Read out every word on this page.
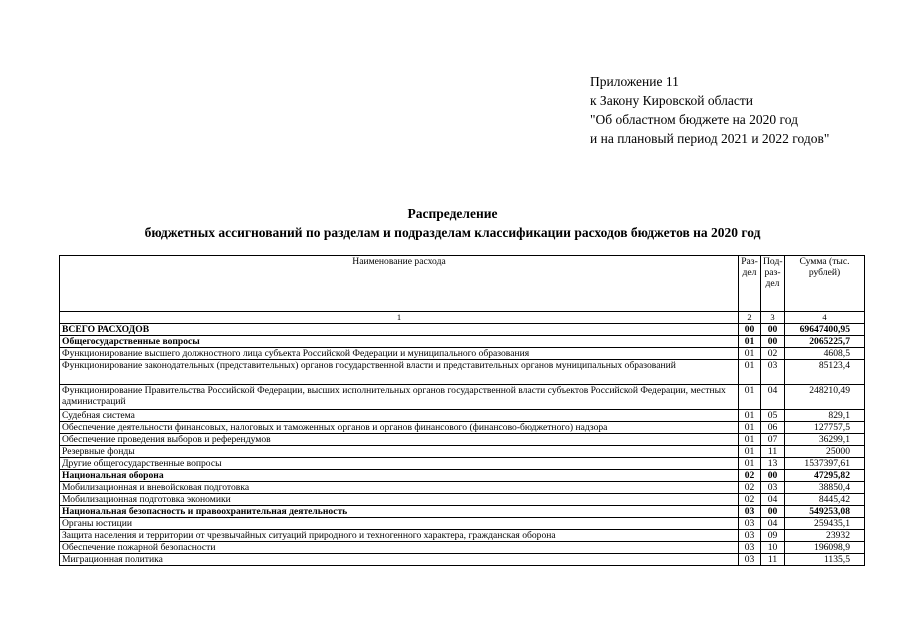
Приложение 11
к Закону Кировской области
"Об областном бюджете на 2020 год
и на плановый период 2021 и 2022 годов"
Распределение
бюджетных ассигнований по разделам и подразделам классификации расходов бюджетов на 2020 год
Наименование расхода	Раз-дел	Под-раз-дел	Сумма (тыс. рублей)
1	2	3	4
ВСЕГО РАСХОДОВ	00	00	69647400,95
Общегосударственные вопросы	01	00	2065225,7
Функционирование высшего должностного лица субъекта Российской Федерации и муниципального образования	01	02	4608,5
Функционирование законодательных (представительных) органов государственной власти и представительных органов муниципальных образований	01	03	85123,4
Функционирование Правительства Российской Федерации, высших исполнительных органов государственной власти субъектов Российской Федерации, местных администраций	01	04	248210,49
Судебная система	01	05	829,1
Обеспечение деятельности финансовых, налоговых и таможенных органов и органов финансового (финансово-бюджетного) надзора	01	06	127757,5
Обеспечение проведения выборов и референдумов	01	07	36299,1
Резервные фонды	01	11	25000
Другие общегосударственные вопросы	01	13	1537397,61
Национальная оборона	02	00	47295,82
Мобилизационная и вневойсковая подготовка	02	03	38850,4
Мобилизационная подготовка экономики	02	04	8445,42
Национальная безопасность и правоохранительная деятельность	03	00	549253,08
Органы юстиции	03	04	259435,1
Защита населения и территории от чрезвычайных ситуаций природного и техногенного характера, гражданская оборона	03	09	23932
Обеспечение пожарной безопасности	03	10	196098,9
Миграционная политика	03	11	1135,5
